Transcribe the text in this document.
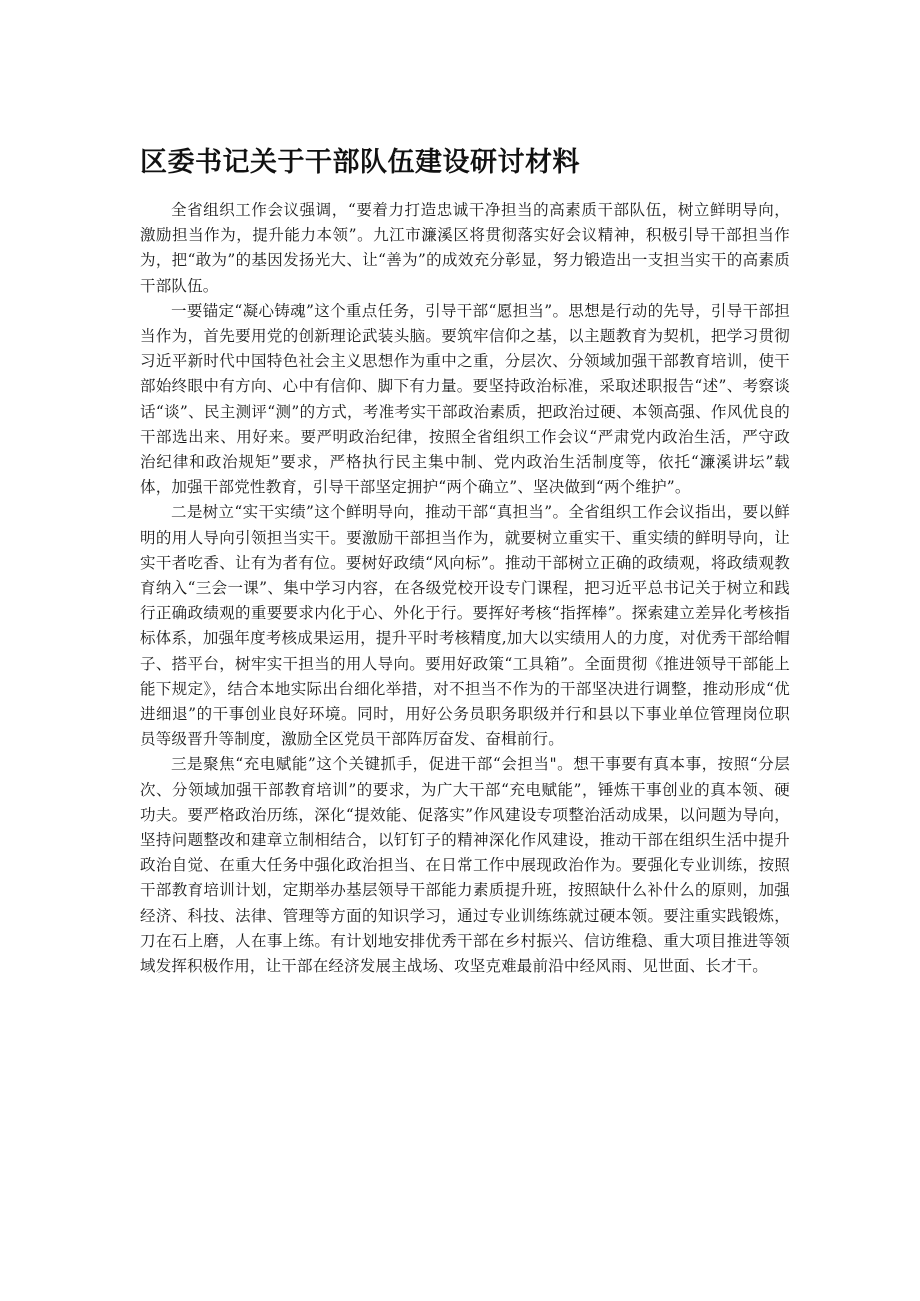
区委书记关于干部队伍建设研讨材料

全省组织工作会议强调，“要着力打造忠诚干净担当的高素质干部队伍，树立鲜明导向，激励担当作为，提升能力本领”。九江市濂溪区将贯彻落实好会议精神，积极引导干部担当作为，把“敢为”的基因发扬光大、让“善为”的成效充分彰显，努力锻造出一支担当实干的高素质干部队伍。

一要锚定“凝心铸魂”这个重点任务，引导干部“愿担当”。思想是行动的先导，引导干部担当作为，首先要用党的创新理论武装头脑。要筑牢信仰之基，以主题教育为契机，把学习贯彻习近平新时代中国特色社会主义思想作为重中之重，分层次、分领域加强干部教育培训，使干部始终眼中有方向、心中有信仰、脚下有力量。要坚持政治标准，采取述职报告“述”、考察谈话“谈”、民主测评“测”的方式，考准考实干部政治素质，把政治过硬、本领高强、作风优良的干部选出来、用好来。要严明政治纪律，按照全省组织工作会议“严肃党内政治生活，严守政治纪律和政治规矩”要求，严格执行民主集中制、党内政治生活制度等，依托“濂溪讲坛”载体，加强干部党性教育，引导干部坚定拥护“两个确立”、坚决做到“两个维护”。

二是树立“实干实绩”这个鲜明导向，推动干部“真担当”。全省组织工作会议指出，要以鲜明的用人导向引领担当实干。要激励干部担当作为，就要树立重实干、重实绩的鲜明导向，让实干者吃香、让有为者有位。要树好政绩“风向标”。推动干部树立正确的政绩观，将政绩观教育纳入“三会一课”、集中学习内容，在各级党校开设专门课程，把习近平总书记关于树立和践行正确政绩观的重要要求内化于心、外化于行。要挥好考核“指挥棒”。探索建立差异化考核指标体系，加强年度考核成果运用，提升平时考核精度,加大以实绩用人的力度，对优秀干部给帽子、搭平台，树牢实干担当的用人导向。要用好政策“工具箱”。全面贯彻《推进领导干部能上能下规定》，结合本地实际出台细化举措，对不担当不作为的干部坚决进行调整，推动形成“优进细退”的干事创业良好环境。同时，用好公务员职务职级并行和县以下事业单位管理岗位职员等级晋升等制度，激励全区党员干部阵厉奋发、奋楫前行。

三是聚焦“充电赋能”这个关键抓手，促进干部“会担当"。想干事要有真本事，按照“分层次、分领域加强干部教育培训”的要求，为广大干部“充电赋能”，锤炼干事创业的真本领、硬功夫。要严格政治历练，深化“提效能、促落实”作风建设专项整治活动成果，以问题为导向，坚持问题整改和建章立制相结合，以钉钉子的精神深化作风建设，推动干部在组织生活中提升政治自觉、在重大任务中强化政治担当、在日常工作中展现政治作为。要强化专业训练，按照干部教育培训计划，定期举办基层领导干部能力素质提升班，按照缺什么补什么的原则，加强经济、科技、法律、管理等方面的知识学习，通过专业训练练就过硬本领。要注重实践锻炼，刀在石上磨，人在事上练。有计划地安排优秀干部在乡村振兴、信访维稳、重大项目推进等领域发挥积极作用，让干部在经济发展主战场、攻坚克难最前沿中经风雨、见世面、长才干。
